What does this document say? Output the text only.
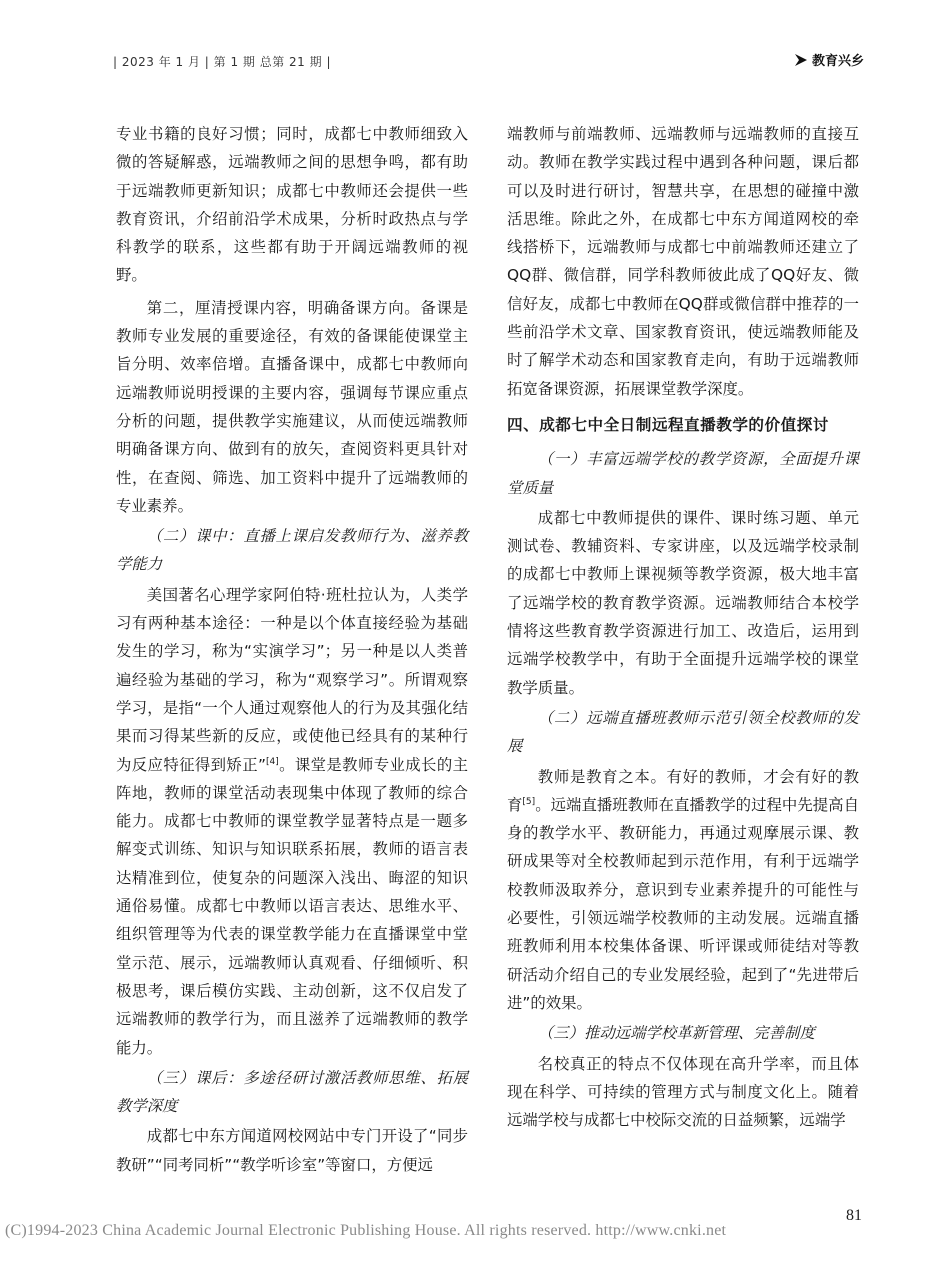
| 2023 年 1 月 | 第 1 期 总第 21 期 |	教育兴乡

专业书籍的良好习惯；同时，成都七中教师细致入微的答疑解惑，远端教师之间的思想争鸣，都有助于远端教师更新知识；成都七中教师还会提供一些教育资讯，介绍前沿学术成果，分析时政热点与学科教学的联系，这些都有助于开阔远端教师的视野。

第二，厘清授课内容，明确备课方向。备课是教师专业发展的重要途径，有效的备课能使课堂主旨分明、效率倍增。直播备课中，成都七中教师向远端教师说明授课的主要内容，强调每节课应重点分析的问题，提供教学实施建议，从而使远端教师明确备课方向、做到有的放矢，查阅资料更具针对性，在查阅、筛选、加工资料中提升了远端教师的专业素养。

（二）课中：直播上课启发教师行为、滋养教学能力

美国著名心理学家阿伯特·班杜拉认为，人类学习有两种基本途径：一种是以个体直接经验为基础发生的学习，称为“实演学习”；另一种是以人类普遍经验为基础的学习，称为“观察学习”。所谓观察学习，是指“一个人通过观察他人的行为及其强化结果而习得某些新的反应，或使他已经具有的某种行为反应特征得到矫正”[4]。课堂是教师专业成长的主阵地，教师的课堂活动表现集中体现了教师的综合能力。成都七中教师的课堂教学显著特点是一题多解变式训练、知识与知识联系拓展，教师的语言表达精准到位，使复杂的问题深入浅出、晦涩的知识通俗易懂。成都七中教师以语言表达、思维水平、组织管理等为代表的课堂教学能力在直播课堂中堂堂示范、展示，远端教师认真观看、仔细倾听、积极思考，课后模仿实践、主动创新，这不仅启发了远端教师的教学行为，而且滋养了远端教师的教学能力。

（三）课后：多途径研讨激活教师思维、拓展教学深度

成都七中东方闻道网校网站中专门开设了“同步教研”“同考同析”“教学听诊室”等窗口，方便远

端教师与前端教师、远端教师与远端教师的直接互动。教师在教学实践过程中遇到各种问题，课后都可以及时进行研讨，智慧共享，在思想的碰撞中激活思维。除此之外，在成都七中东方闻道网校的牵线搭桥下，远端教师与成都七中前端教师还建立了QQ群、微信群，同学科教师彼此成了QQ好友、微信好友，成都七中教师在QQ群或微信群中推荐的一些前沿学术文章、国家教育资讯，使远端教师能及时了解学术动态和国家教育走向，有助于远端教师拓宽备课资源，拓展课堂教学深度。

四、成都七中全日制远程直播教学的价值探讨

（一）丰富远端学校的教学资源，全面提升课堂质量

成都七中教师提供的课件、课时练习题、单元测试卷、教辅资料、专家讲座，以及远端学校录制的成都七中教师上课视频等教学资源，极大地丰富了远端学校的教育教学资源。远端教师结合本校学情将这些教育教学资源进行加工、改造后，运用到远端学校教学中，有助于全面提升远端学校的课堂教学质量。

（二）远端直播班教师示范引领全校教师的发展

教师是教育之本。有好的教师，才会有好的教育[5]。远端直播班教师在直播教学的过程中先提高自身的教学水平、教研能力，再通过观摩展示课、教研成果等对全校教师起到示范作用，有利于远端学校教师汲取养分，意识到专业素养提升的可能性与必要性，引领远端学校教师的主动发展。远端直播班教师利用本校集体备课、听评课或师徒结对等教研活动介绍自己的专业发展经验，起到了“先进带后进”的效果。

（三）推动远端学校革新管理、完善制度

名校真正的特点不仅体现在高升学率，而且体现在科学、可持续的管理方式与制度文化上。随着远端学校与成都七中校际交流的日益频繁，远端学

81
(C)1994-2023 China Academic Journal Electronic Publishing House. All rights reserved. http://www.cnki.net
